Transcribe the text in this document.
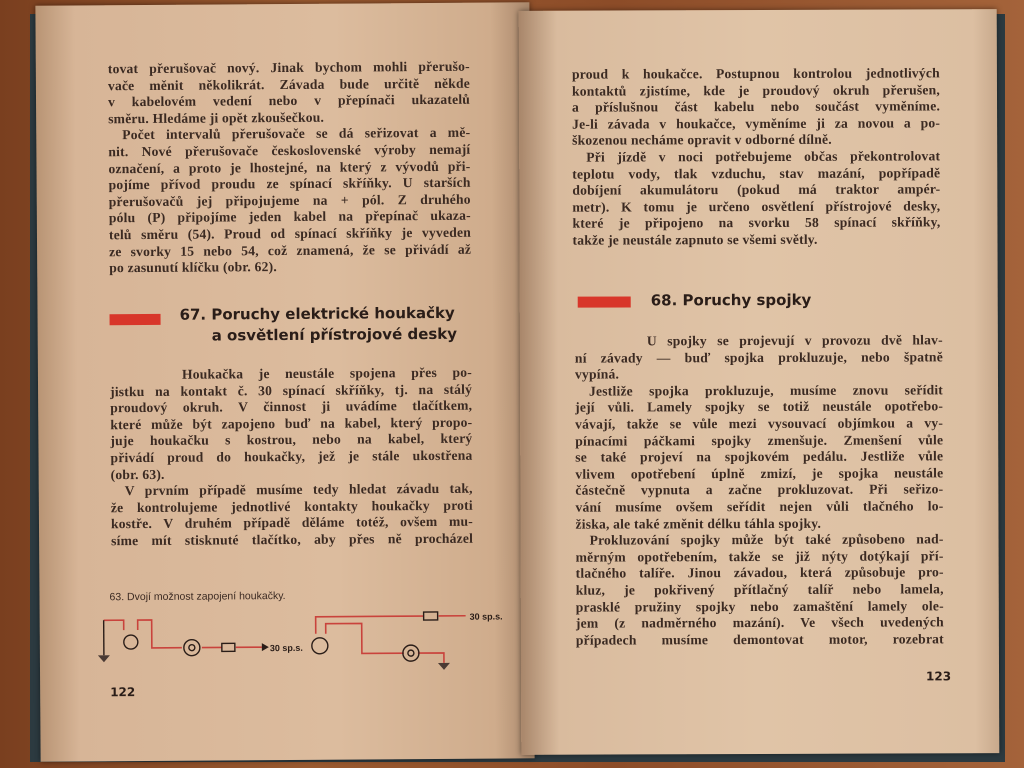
tovat přerušovač nový. Jinak bychom mohli přerušo-
vače měnit několikrát. Závada bude určitě někde
v kabelovém vedení nebo v přepínači ukazatelů
směru. Hledáme ji opět zkoušečkou.
Počet intervalů přerušovače se dá seřizovat a mě-
nit. Nové přerušovače československé výroby nemají
označení, a proto je lhostejné, na který z vývodů při-
pojíme přívod proudu ze spínací skříňky. U starších
přerušovačů jej připojujeme na + pól. Z druhého
pólu (P) připojíme jeden kabel na přepínač ukaza-
telů směru (54). Proud od spínací skříňky je vyveden
ze svorky 15 nebo 54, což znamená, že se přivádí až
po zasunutí klíčku (obr. 62).
67. Poruchy elektrické houkačky
a osvětlení přístrojové desky
Houkačka je neustále spojena přes po-
jistku na kontakt č. 30 spínací skříňky, tj. na stálý
proudový okruh. V činnost ji uvádíme tlačítkem,
které může být zapojeno buď na kabel, který propo-
juje houkačku s kostrou, nebo na kabel, který
přivádí proud do houkačky, jež je stále ukostřena
(obr. 63).
V prvním případě musíme tedy hledat závadu tak,
že kontrolujeme jednotlivé kontakty houkačky proti
kostře. V druhém případě děláme totéž, ovšem mu-
síme mít stisknuté tlačítko, aby přes ně procházel
63. Dvojí možnost zapojení houkačky.
30 sp.s.
30 sp.s.
122
proud k houkačce. Postupnou kontrolou jednotlivých
kontaktů zjistíme, kde je proudový okruh přerušen,
a příslušnou část kabelu nebo součást vyměníme.
Je-li závada v houkačce, vyměníme ji za novou a po-
škozenou necháme opravit v odborné dílně.
Při jízdě v noci potřebujeme občas překontrolovat
teplotu vody, tlak vzduchu, stav mazání, popřípadě
dobíjení akumulátoru (pokud má traktor ampér-
metr). K tomu je určeno osvětlení přístrojové desky,
které je připojeno na svorku 58 spínací skříňky,
takže je neustále zapnuto se všemi světly.
68. Poruchy spojky
U spojky se projevují v provozu dvě hlav-
ní závady — buď spojka prokluzuje, nebo špatně
vypíná.
Jestliže spojka prokluzuje, musíme znovu seřídit
její vůli. Lamely spojky se totiž neustále opotřebo-
vávají, takže se vůle mezi vysouvací objímkou a vy-
pínacími páčkami spojky zmenšuje. Zmenšení vůle
se také projeví na spojkovém pedálu. Jestliže vůle
vlivem opotřebení úplně zmizí, je spojka neustále
částečně vypnuta a začne prokluzovat. Při seřizo-
vání musíme ovšem seřídit nejen vůli tlačného lo-
žiska, ale také změnit délku táhla spojky.
Prokluzování spojky může být také způsobeno nad-
měrným opotřebením, takže se již nýty dotýkají pří-
tlačného talíře. Jinou závadou, která způsobuje pro-
kluz, je pokřivený přítlačný talíř nebo lamela,
prasklé pružiny spojky nebo zamaštění lamely ole-
jem (z nadměrného mazání). Ve všech uvedených
případech musíme demontovat motor, rozebrat
123
